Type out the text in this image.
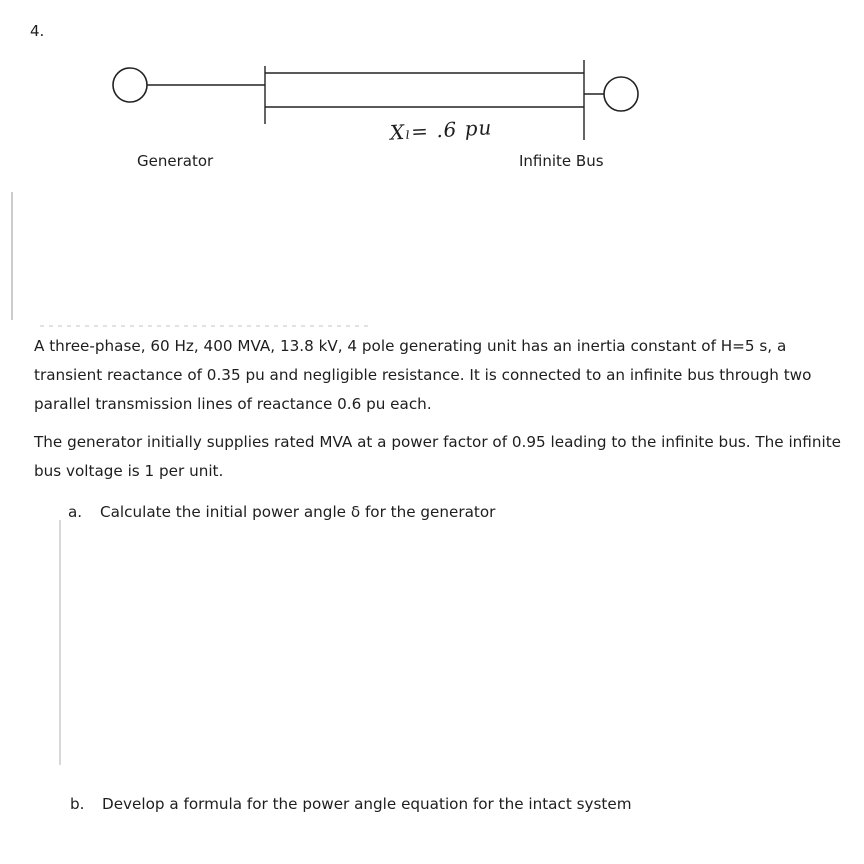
4.
Generator	Infinite Bus
Xₗ= .6 pu
A three-phase, 60 Hz, 400 MVA, 13.8 kV, 4 pole generating unit has an inertia constant of H=5 s, a transient reactance of 0.35 pu and negligible resistance. It is connected to an infinite bus through two parallel transmission lines of reactance 0.6 pu each.
The generator initially supplies rated MVA at a power factor of 0.95 leading to the infinite bus. The infinite bus voltage is 1 per unit.
a. Calculate the initial power angle δ for the generator
b. Develop a formula for the power angle equation for the intact system
